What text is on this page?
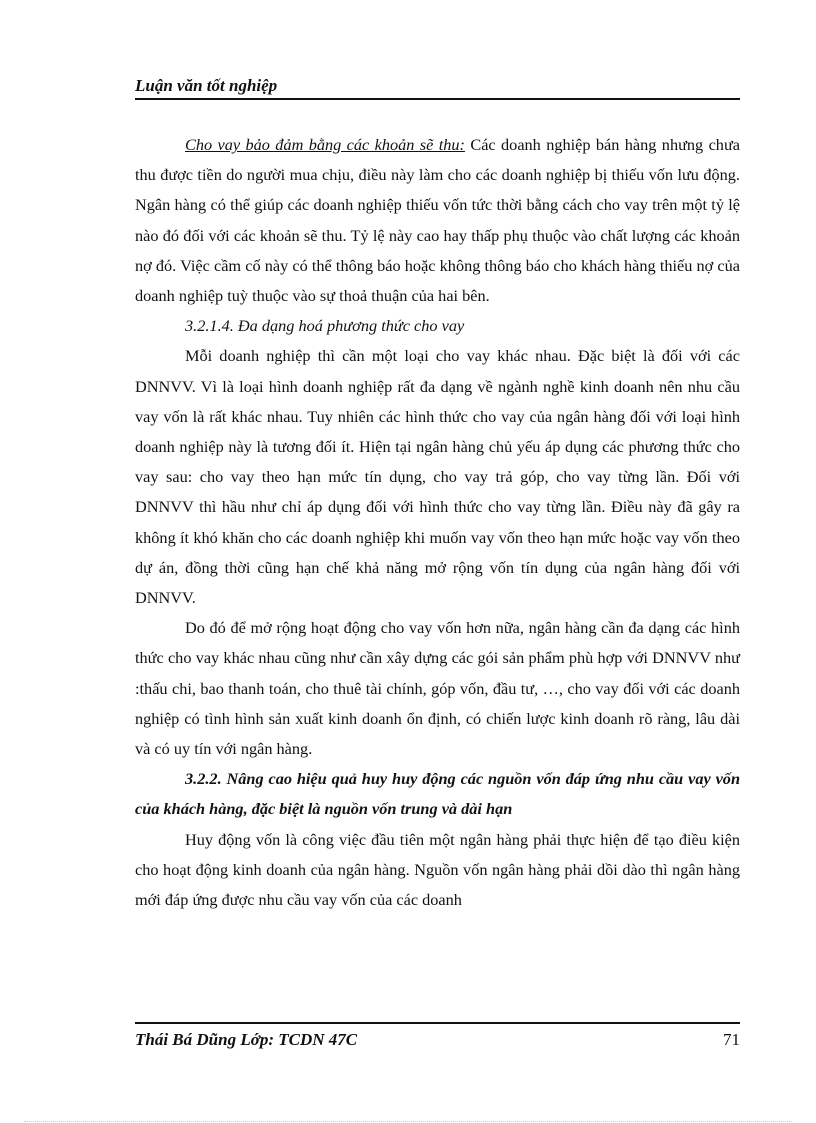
Luận văn tốt nghiệp

Cho vay bảo đảm bằng các khoản sẽ thu: Các doanh nghiệp bán hàng nhưng chưa thu được tiền do người mua chịu, điều này làm cho các doanh nghiệp bị thiếu vốn lưu động. Ngân hàng có thể giúp các doanh nghiệp thiếu vốn tức thời bằng cách cho vay trên một tỷ lệ nào đó đối với các khoản sẽ thu. Tỷ lệ này cao hay thấp phụ thuộc vào chất lượng các khoản nợ đó. Việc cầm cố này có thể thông báo hoặc không thông báo cho khách hàng thiếu nợ của doanh nghiệp tuỳ thuộc vào sự thoả thuận của hai bên.

3.2.1.4. Đa dạng hoá phương thức cho vay

Mỗi doanh nghiệp thì cần một loại cho vay khác nhau. Đặc biệt là đối với các DNNVV. Vì là loại hình doanh nghiệp rất đa dạng về ngành nghề kinh doanh nên nhu cầu vay vốn là rất khác nhau. Tuy nhiên các hình thức cho vay của ngân hàng đối với loại hình doanh nghiệp này là tương đối ít. Hiện tại ngân hàng chủ yếu áp dụng các phương thức cho vay sau: cho vay theo hạn mức tín dụng, cho vay trả góp, cho vay từng lần. Đối với DNNVV thì hầu như chỉ áp dụng đối với hình thức cho vay từng lần. Điều này đã gây ra không ít khó khăn cho các doanh nghiệp khi muốn vay vốn theo hạn mức hoặc vay vốn theo dự án, đồng thời cũng hạn chế khả năng mở rộng vốn tín dụng của ngân hàng đối với DNNVV.

Do đó để mở rộng hoạt động cho vay vốn hơn nữa, ngân hàng cần đa dạng các hình thức cho vay khác nhau cũng như cần xây dựng các gói sản phẩm phù hợp với DNNVV như :thấu chi, bao thanh toán, cho thuê tài chính, góp vốn, đầu tư, …, cho vay đối với các doanh nghiệp có tình hình sản xuất kinh doanh ổn định, có chiến lược kinh doanh rõ ràng, lâu dài và có uy tín với ngân hàng.

3.2.2. Nâng cao hiệu quả huy huy động các nguồn vốn đáp ứng nhu cầu vay vốn của khách hàng, đặc biệt là nguồn vốn trung và dài hạn

Huy động vốn là công việc đầu tiên một ngân hàng phải thực hiện để tạo điều kiện cho hoạt động kinh doanh của ngân hàng. Nguồn vốn ngân hàng phải dồi dào thì ngân hàng mới đáp ứng được nhu cầu vay vốn của các doanh

Thái Bá Dũng Lớp: TCDN 47C	71
